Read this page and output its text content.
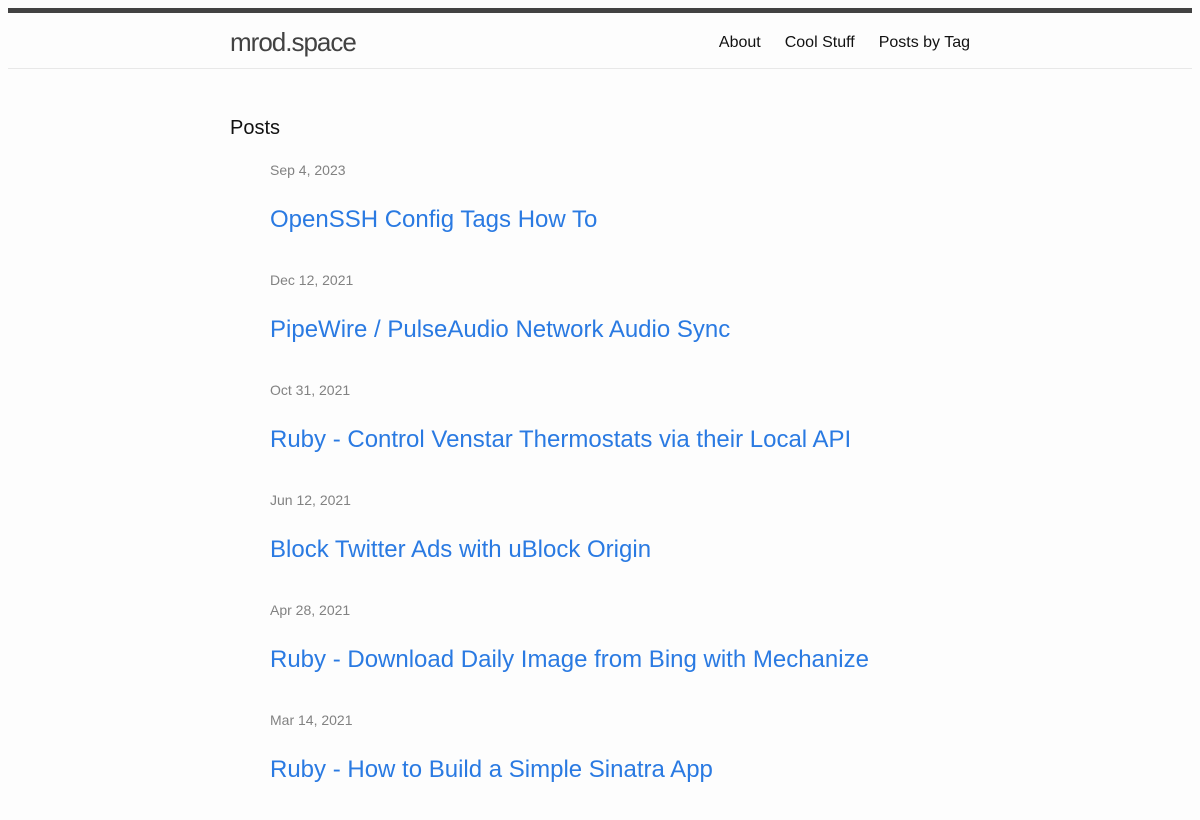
mrod.space	About Cool Stuff Posts by Tag
Posts
Sep 4, 2023
OpenSSH Config Tags How To
Dec 12, 2021
PipeWire / PulseAudio Network Audio Sync
Oct 31, 2021
Ruby - Control Venstar Thermostats via their Local API
Jun 12, 2021
Block Twitter Ads with uBlock Origin
Apr 28, 2021
Ruby - Download Daily Image from Bing with Mechanize
Mar 14, 2021
Ruby - How to Build a Simple Sinatra App
